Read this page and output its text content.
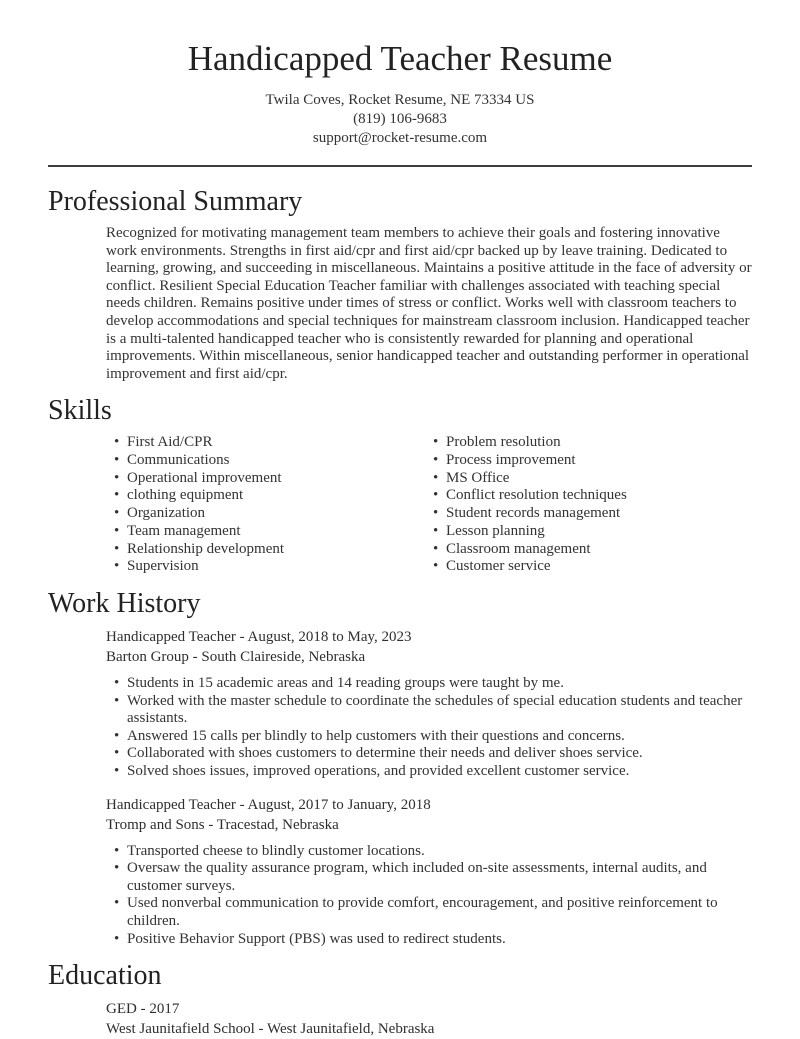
Handicapped Teacher Resume
Twila Coves, Rocket Resume, NE 73334 US
(819) 106-9683
support@rocket-resume.com
Professional Summary

Recognized for motivating management team members to achieve their goals and fostering innovative work environments. Strengths in first aid/cpr and first aid/cpr backed up by leave training. Dedicated to learning, growing, and succeeding in miscellaneous. Maintains a positive attitude in the face of adversity or conflict. Resilient Special Education Teacher familiar with challenges associated with teaching special needs children. Remains positive under times of stress or conflict. Works well with classroom teachers to develop accommodations and special techniques for mainstream classroom inclusion. Handicapped teacher is a multi-talented handicapped teacher who is consistently rewarded for planning and operational improvements. Within miscellaneous, senior handicapped teacher and outstanding performer in operational improvement and first aid/cpr.

Skills
• First Aid/CPR
• Communications
• Operational improvement
• clothing equipment
• Organization
• Team management
• Relationship development
• Supervision
• Problem resolution
• Process improvement
• MS Office
• Conflict resolution techniques
• Student records management
• Lesson planning
• Classroom management
• Customer service
Work History
Handicapped Teacher - August, 2018 to May, 2023
Barton Group - South Claireside, Nebraska
• Students in 15 academic areas and 14 reading groups were taught by me.
• Worked with the master schedule to coordinate the schedules of special education students and teacher assistants.
• Answered 15 calls per blindly to help customers with their questions and concerns.
• Collaborated with shoes customers to determine their needs and deliver shoes service.
• Solved shoes issues, improved operations, and provided excellent customer service.
Handicapped Teacher - August, 2017 to January, 2018
Tromp and Sons - Tracestad, Nebraska
• Transported cheese to blindly customer locations.
• Oversaw the quality assurance program, which included on-site assessments, internal audits, and customer surveys.
• Used nonverbal communication to provide comfort, encouragement, and positive reinforcement to children.
• Positive Behavior Support (PBS) was used to redirect students.
Education
GED - 2017
West Jaunitafield School - West Jaunitafield, Nebraska
